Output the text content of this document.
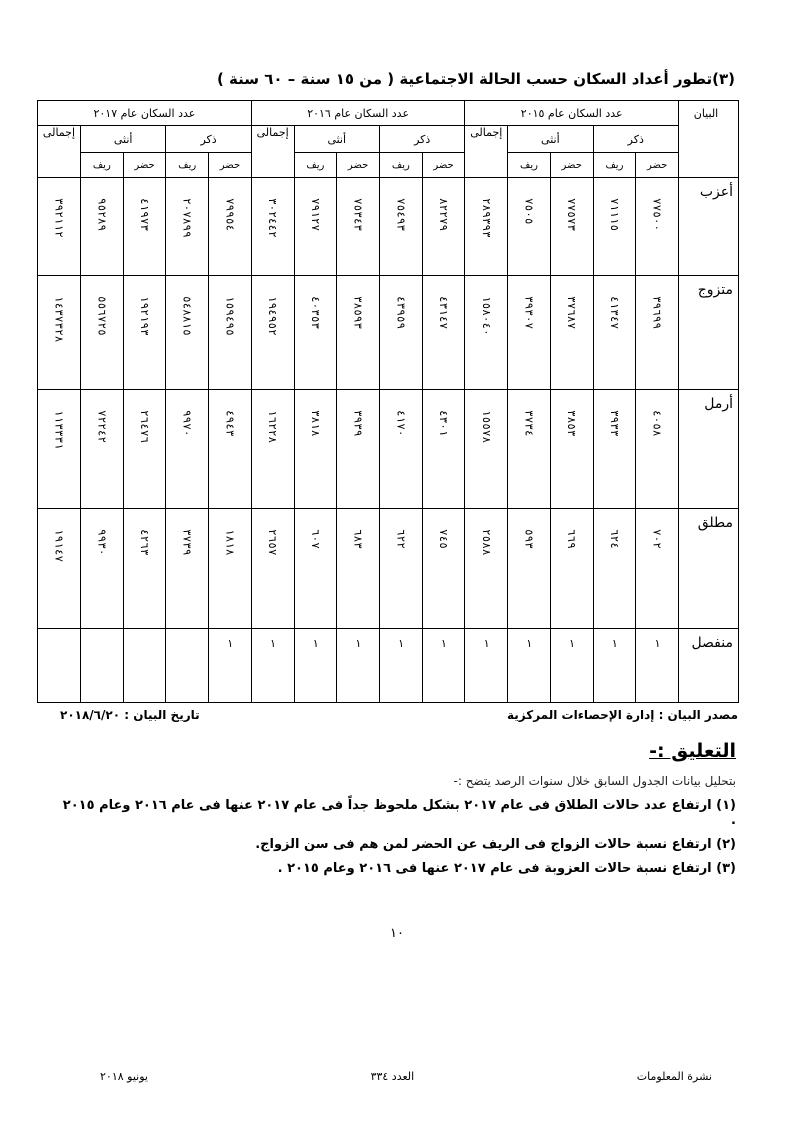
(٣)تطور أعداد السكان حسب الحالة الاجتماعية ( من ١٥ سنة – ٦٠ سنة )
البيان	عدد السكان عام ٢٠١٥					عدد السكان عام ٢٠١٦					عدد السكان عام ٢٠١٧				
	ذكر		أنثى		إجمالى	ذكر		أنثى		إجمالى	ذكر		أنثى		إجمالى
	حضر	ريف	حضر	ريف		حضر	ريف	حضر	ريف		حضر	ريف	حضر	ريف	
أعزب	٧٧٥٠٠	٧١١١٥	٧٧٥٧٣	٧٥٠٥	٢٨٩٣٩٣	٨٢٢٧٩	٧٥٤٩٣	٧٥٣٤٣	٧٩١٢٧	٣٠٢٤٤٢	٧٩٩٥٤	٢٠٧٨٩٩	٤١٩٧٣	٩٥٢٨٩	٣٩٢١١٢
متزوج	٣٩٦٩٩	٤١٣٤٧	٣٧٦٨٧	٣٩٣٠٧	١٥٨٠٤٠	٤٣١٤٧	٤٣٩٥٩	٣٨٥٩٣	٤٠٣٥٣	١٩٤٩٥٢	١٥٩٤٩٥	٥٤٨٨١٥	١٩٢١٩٣	٥٥٦٧٢٥	١٤٣٧٣٢٨
أرمل	٤٠٥٨	٣٩٣٣	٣٨٥٣	٣٧٣٤	١٥٥٧٨	٤٣٠١	٤١٧٠	٣٩٣٩	٣٨١٨	١٦٢٢٨	٤٩٤٣	٩٩٧٠	٢٦٤٧٦	٧٢٢٤٢	١١٣٣٣١
مطلق	٧٠٢	٦٢٤	٦٦٩	٥٩٣	٢٥٨٨	٧٤٥	٦٢٢	٦٨٣	٦٠٧	٢٦٥٧	١٨١٨	٣٧٣٩	٤٢٦٣	٩٩٣٠	١٩١٤٧
منفصل	١	١	١	١	١	١	١	١	١	١	١				
مصدر البيان : إدارة الإحصاءات المركزية
تاريخ البيان : ٢٠١٨/٦/٢٠
التعليق :-
بتحليل بيانات الجدول السابق خلال سنوات الرصد يتضح :-
(١) ارتفاع عدد حالات الطلاق فى عام ٢٠١٧ بشكل ملحوظ جداً فى عام ٢٠١٧ عنها فى عام ٢٠١٦ وعام ٢٠١٥ .
(٢) ارتفاع نسبة حالات الزواج فى الريف عن الحضر لمن هم فى سن الزواج.
(٣) ارتفاع نسبة حالات العزوبة فى عام ٢٠١٧ عنها فى ٢٠١٦ وعام ٢٠١٥ .
١٠
نشرة المعلومات
العدد ٣٣٤
يونيو ٢٠١٨
